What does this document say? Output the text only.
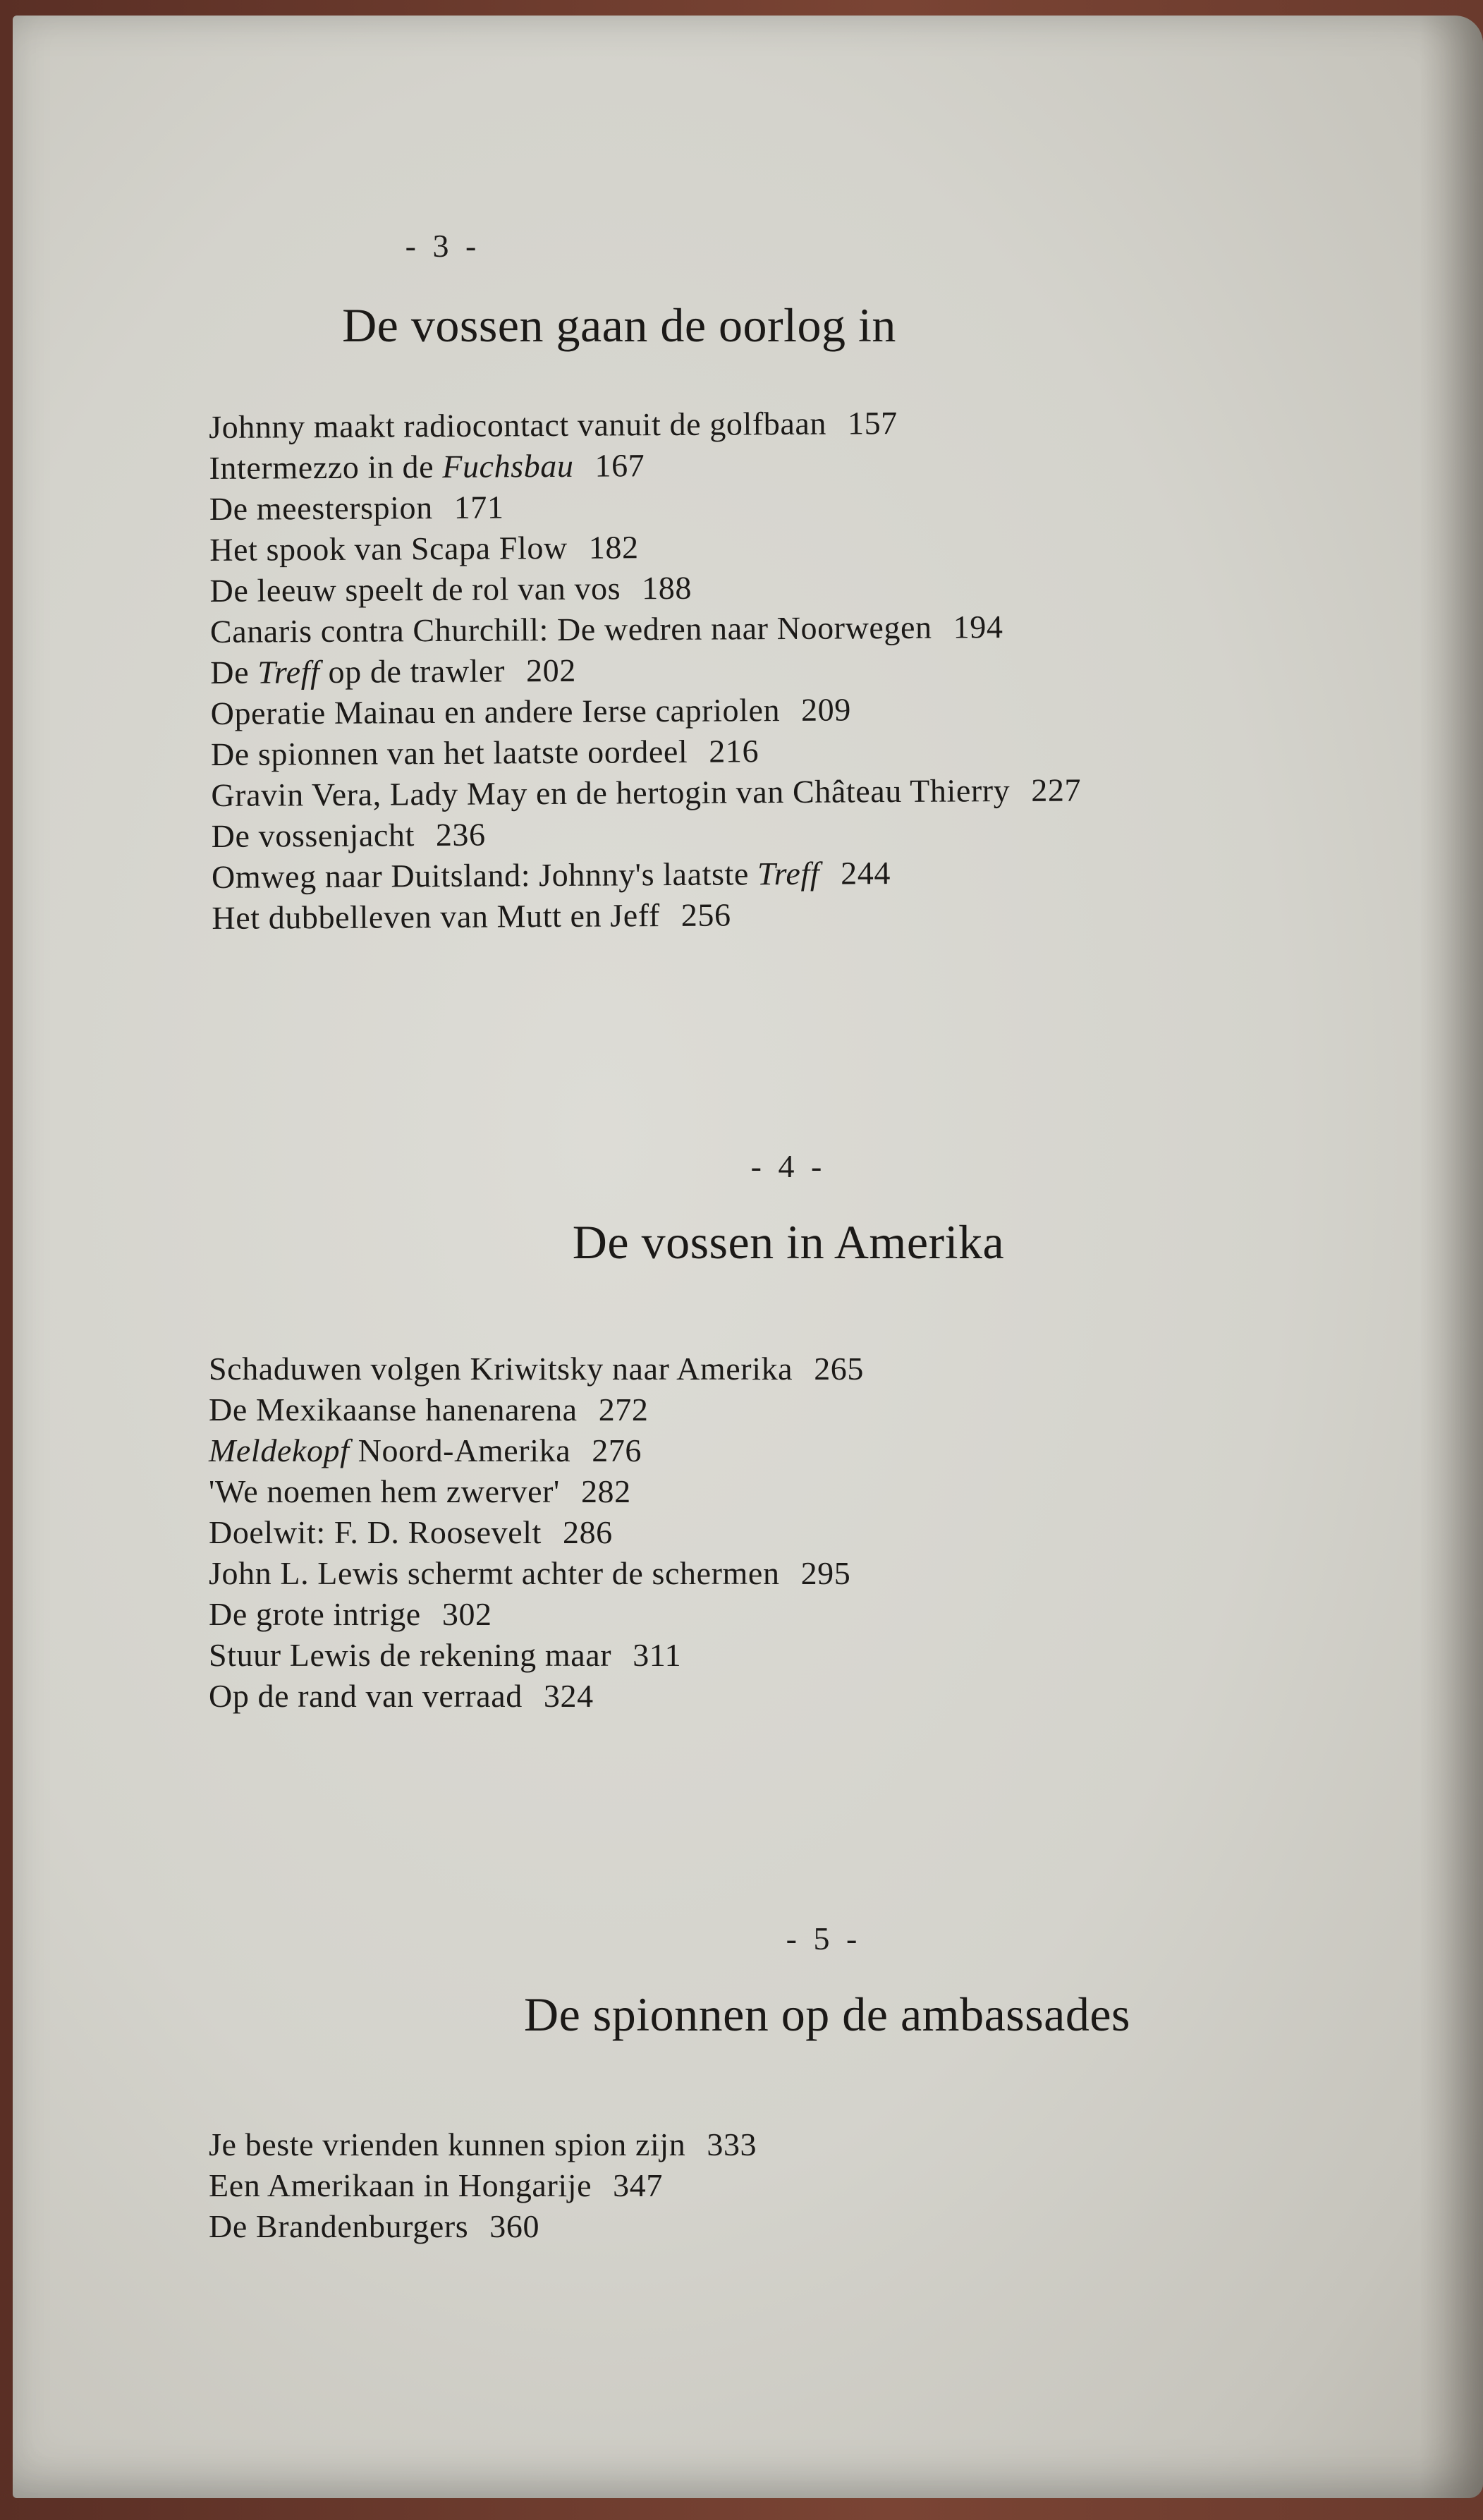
- 3 -
De vossen gaan de oorlog in
Johnny maakt radiocontact vanuit de golfbaan 157
Intermezzo in de Fuchsbau 167
De meesterspion 171
Het spook van Scapa Flow 182
De leeuw speelt de rol van vos 188
Canaris contra Churchill: De wedren naar Noorwegen 194
De Treff op de trawler 202
Operatie Mainau en andere Ierse capriolen 209
De spionnen van het laatste oordeel 216
Gravin Vera, Lady May en de hertogin van Château Thierry 227
De vossenjacht 236
Omweg naar Duitsland: Johnny's laatste Treff 244
Het dubbelleven van Mutt en Jeff 256
- 4 -
De vossen in Amerika
Schaduwen volgen Kriwitsky naar Amerika 265
De Mexikaanse hanenarena 272
Meldekopf Noord-Amerika 276
'We noemen hem zwerver' 282
Doelwit: F. D. Roosevelt 286
John L. Lewis schermt achter de schermen 295
De grote intrige 302
Stuur Lewis de rekening maar 311
Op de rand van verraad 324
- 5 -
De spionnen op de ambassades
Je beste vrienden kunnen spion zijn 333
Een Amerikaan in Hongarije 347
De Brandenburgers 360
